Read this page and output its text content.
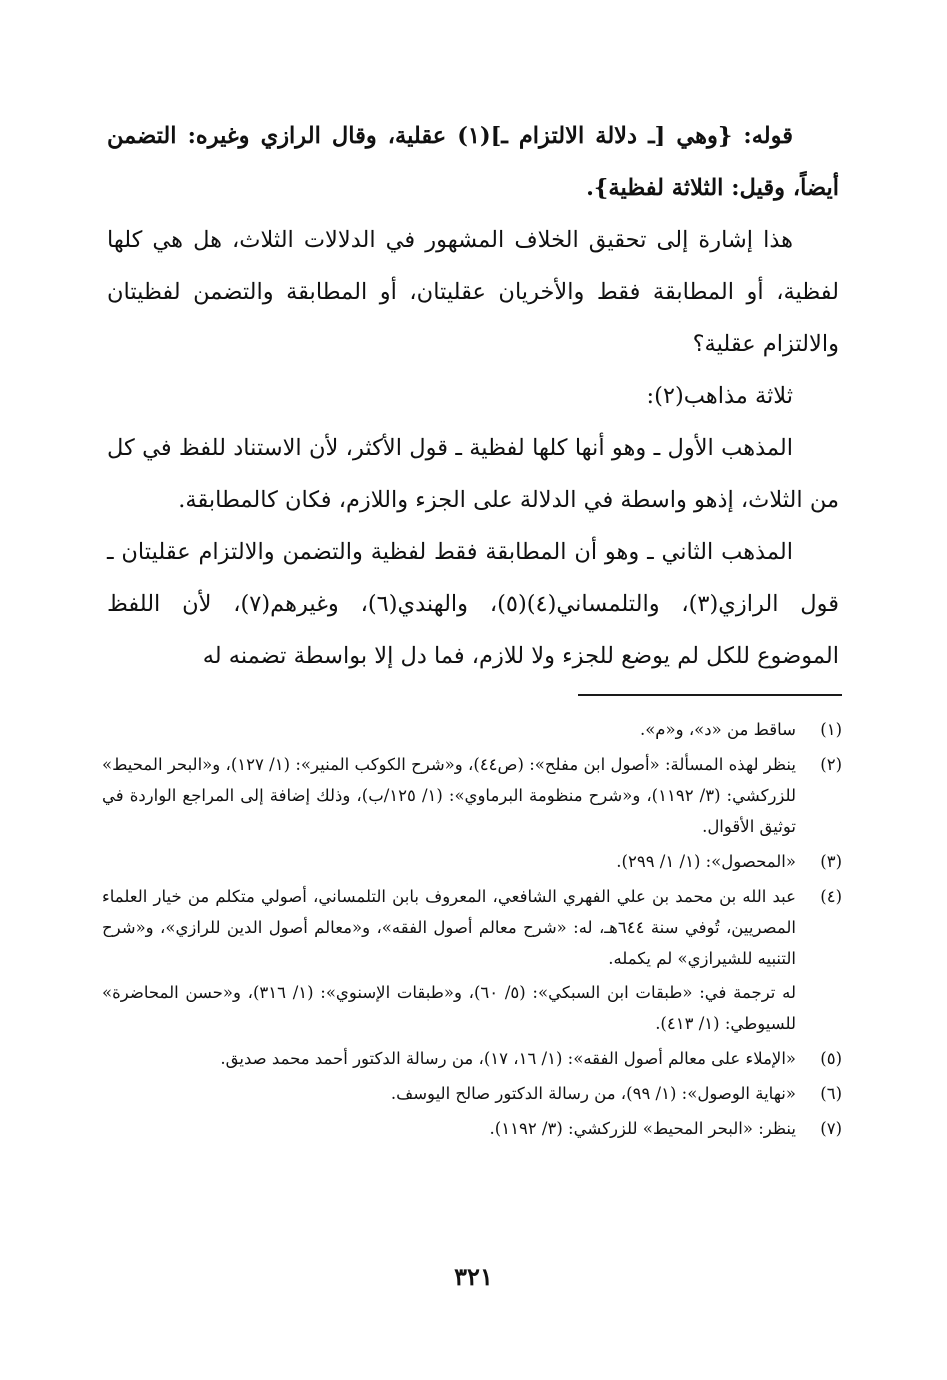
قوله: {وهي [ـ دلالة الالتزام ـ](١) عقلية، وقال الرازي وغيره: التضمن أيضاً، وقيل: الثلاثة لفظية}.

هذا إشارة إلى تحقيق الخلاف المشهور في الدلالات الثلاث، هل هي كلها لفظية، أو المطابقة فقط والأخريان عقليتان، أو المطابقة والتضمن لفظيتان والالتزام عقلية؟

ثلاثة مذاهب(٢):

المذهب الأول ـ وهو أنها كلها لفظية ـ قول الأكثر، لأن الاستناد للفظ في كل من الثلاث، إذهو واسطة في الدلالة على الجزء واللازم، فكان كالمطابقة.

المذهب الثاني ـ وهو أن المطابقة فقط لفظية والتضمن والالتزام عقليتان ـ قول الرازي(٣)، والتلمساني(٤)(٥)، والهندي(٦)، وغيرهم(٧)، لأن اللفظ الموضوع للكل لم يوضع للجزء ولا للازم، فما دل إلا بواسطة تضمنه له

(١)

ساقط من «د»، و«م».

(٢)

ينظر لهذه المسألة: «أصول ابن مفلح»: (ص٤٤)، و«شرح الكوكب المنير»: (١/ ١٢٧)، و«البحر المحيط» للزركشي: (٣/ ١١٩٢)، و«شرح منظومة البرماوي»: (١/ ١٢٥/ب)، وذلك إضافة إلى المراجع الواردة في توثيق الأقوال.

(٣)

«المحصول»: (١/ ١/ ٢٩٩).

(٤)

عبد الله بن محمد بن علي الفهري الشافعي، المعروف بابن التلمساني، أصولي متكلم من خيار العلماء المصريين، تُوفي سنة ٦٤٤هـ، له: «شرح معالم أصول الفقه»، و«معالم أصول الدين للرازي»، و«شرح التنبيه للشيرازي» لم يكمله.

له ترجمة في: «طبقات ابن السبكي»: (٥/ ٦٠)، و«طبقات الإسنوي»: (١/ ٣١٦)، و«حسن المحاضرة» للسيوطي: (١/ ٤١٣).

(٥)

«الإملاء على معالم أصول الفقه»: (١/ ١٦، ١٧)، من رسالة الدكتور أحمد محمد صديق.

(٦)

«نهاية الوصول»: (١/ ٩٩)، من رسالة الدكتور صالح اليوسف.

(٧)

ينظر: «البحر المحيط» للزركشي: (٣/ ١١٩٢).

٣٢١
